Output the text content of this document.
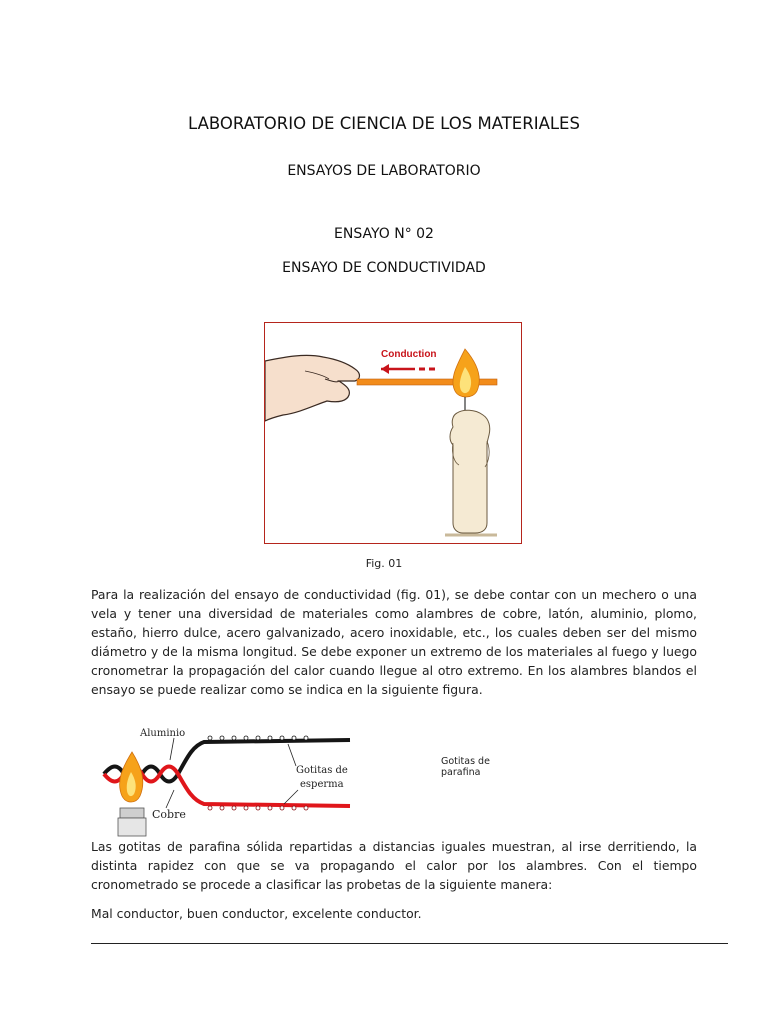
LABORATORIO DE CIENCIA DE LOS MATERIALES
ENSAYOS DE LABORATORIO
ENSAYO N° 02
ENSAYO DE CONDUCTIVIDAD
Conduction
Fig. 01

Para la realización del ensayo de conductividad (fig. 01), se debe contar con un mechero o una vela y tener una diversidad de materiales como alambres de cobre, latón, aluminio, plomo, estaño, hierro dulce, acero galvanizado, acero inoxidable, etc., los cuales deben ser del mismo diámetro y de la misma longitud. Se debe exponer un extremo de los materiales al fuego y luego cronometrar la propagación del calor cuando llegue al otro extremo. En los alambres blandos el ensayo se puede realizar como se indica en la siguiente figura.

Aluminio
Gotitas de
esperma
Cobre
Gotitas de parafina

Las gotitas de parafina sólida repartidas a distancias iguales muestran, al irse derritiendo, la distinta rapidez con que se va propagando el calor por los alambres. Con el tiempo cronometrado se procede a clasificar las probetas de la siguiente manera:

Mal conductor, buen conductor, excelente conductor.
